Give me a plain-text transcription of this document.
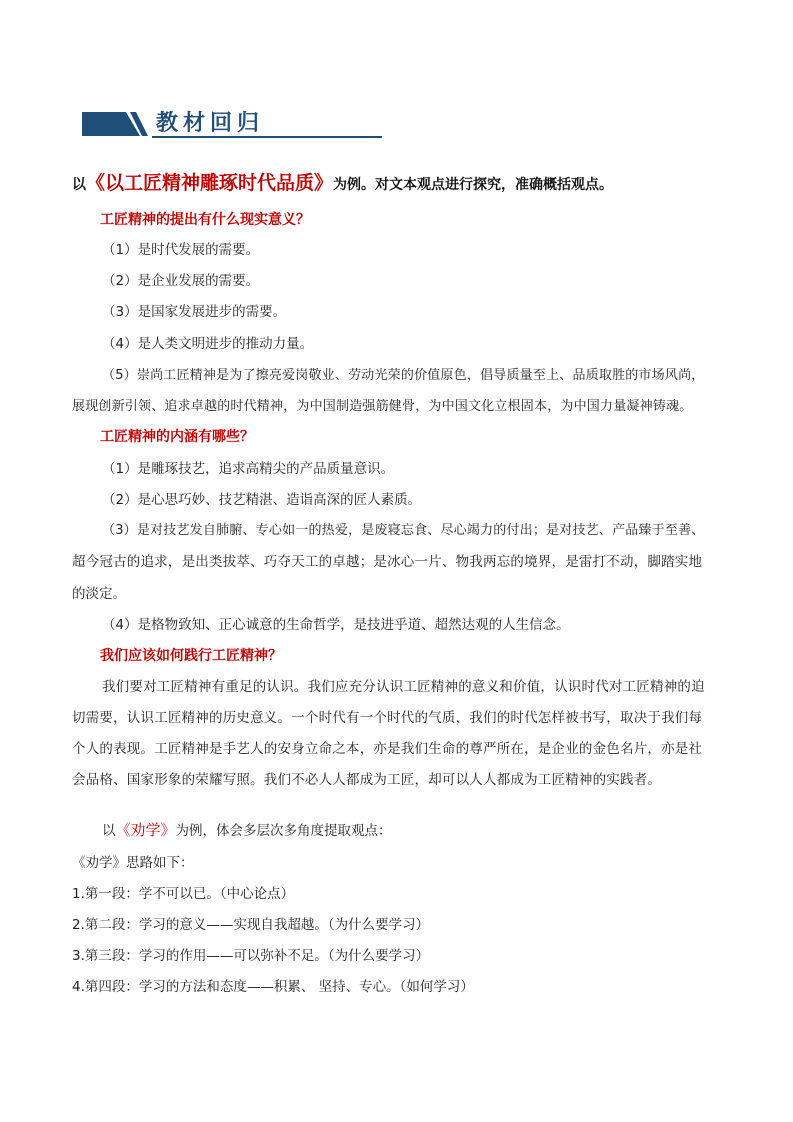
教材回归
以《以工匠精神雕琢时代品质》为例。对文本观点进行探究，准确概括观点。
工匠精神的提出有什么现实意义？
（1）是时代发展的需要。
（2）是企业发展的需要。
（3）是国家发展进步的需要。
（4）是人类文明进步的推动力量。
（5）崇尚工匠精神是为了擦亮爱岗敬业、劳动光荣的价值原色，倡导质量至上、品质取胜的市场风尚，
展现创新引领、追求卓越的时代精神，为中国制造强筋健骨，为中国文化立根固本，为中国力量凝神铸魂。
工匠精神的内涵有哪些？
（1）是雕琢技艺，追求高精尖的产品质量意识。
（2）是心思巧妙、技艺精湛、造诣高深的匠人素质。
（3）是对技艺发自肺腑、专心如一的热爱，是废寝忘食、尽心竭力的付出；是对技艺、产品臻于至善、
超今冠古的追求，是出类拔萃、巧夺天工的卓越；是冰心一片、物我两忘的境界，是雷打不动，脚踏实地
的淡定。
（4）是格物致知、正心诚意的生命哲学，是技进乎道、超然达观的人生信念。
我们应该如何践行工匠精神？
我们要对工匠精神有重足的认识。我们应充分认识工匠精神的意义和价值，认识时代对工匠精神的迫
切需要，认识工匠精神的历史意义。一个时代有一个时代的气质，我们的时代怎样被书写，取决于我们每
个人的表现。工匠精神是手艺人的安身立命之本，亦是我们生命的尊严所在，是企业的金色名片，亦是社
会品格、国家形象的荣耀写照。我们不必人人都成为工匠，却可以人人都成为工匠精神的实践者。
以《劝学》为例，体会多层次多角度提取观点：
《劝学》思路如下：
1.第一段：学不可以已。（中心论点）
2.第二段：学习的意义——实现自我超越。（为什么要学习）
3.第三段：学习的作用——可以弥补不足。（为什么要学习）
4.第四段：学习的方法和态度——积累、 坚持、专心。（如何学习）
